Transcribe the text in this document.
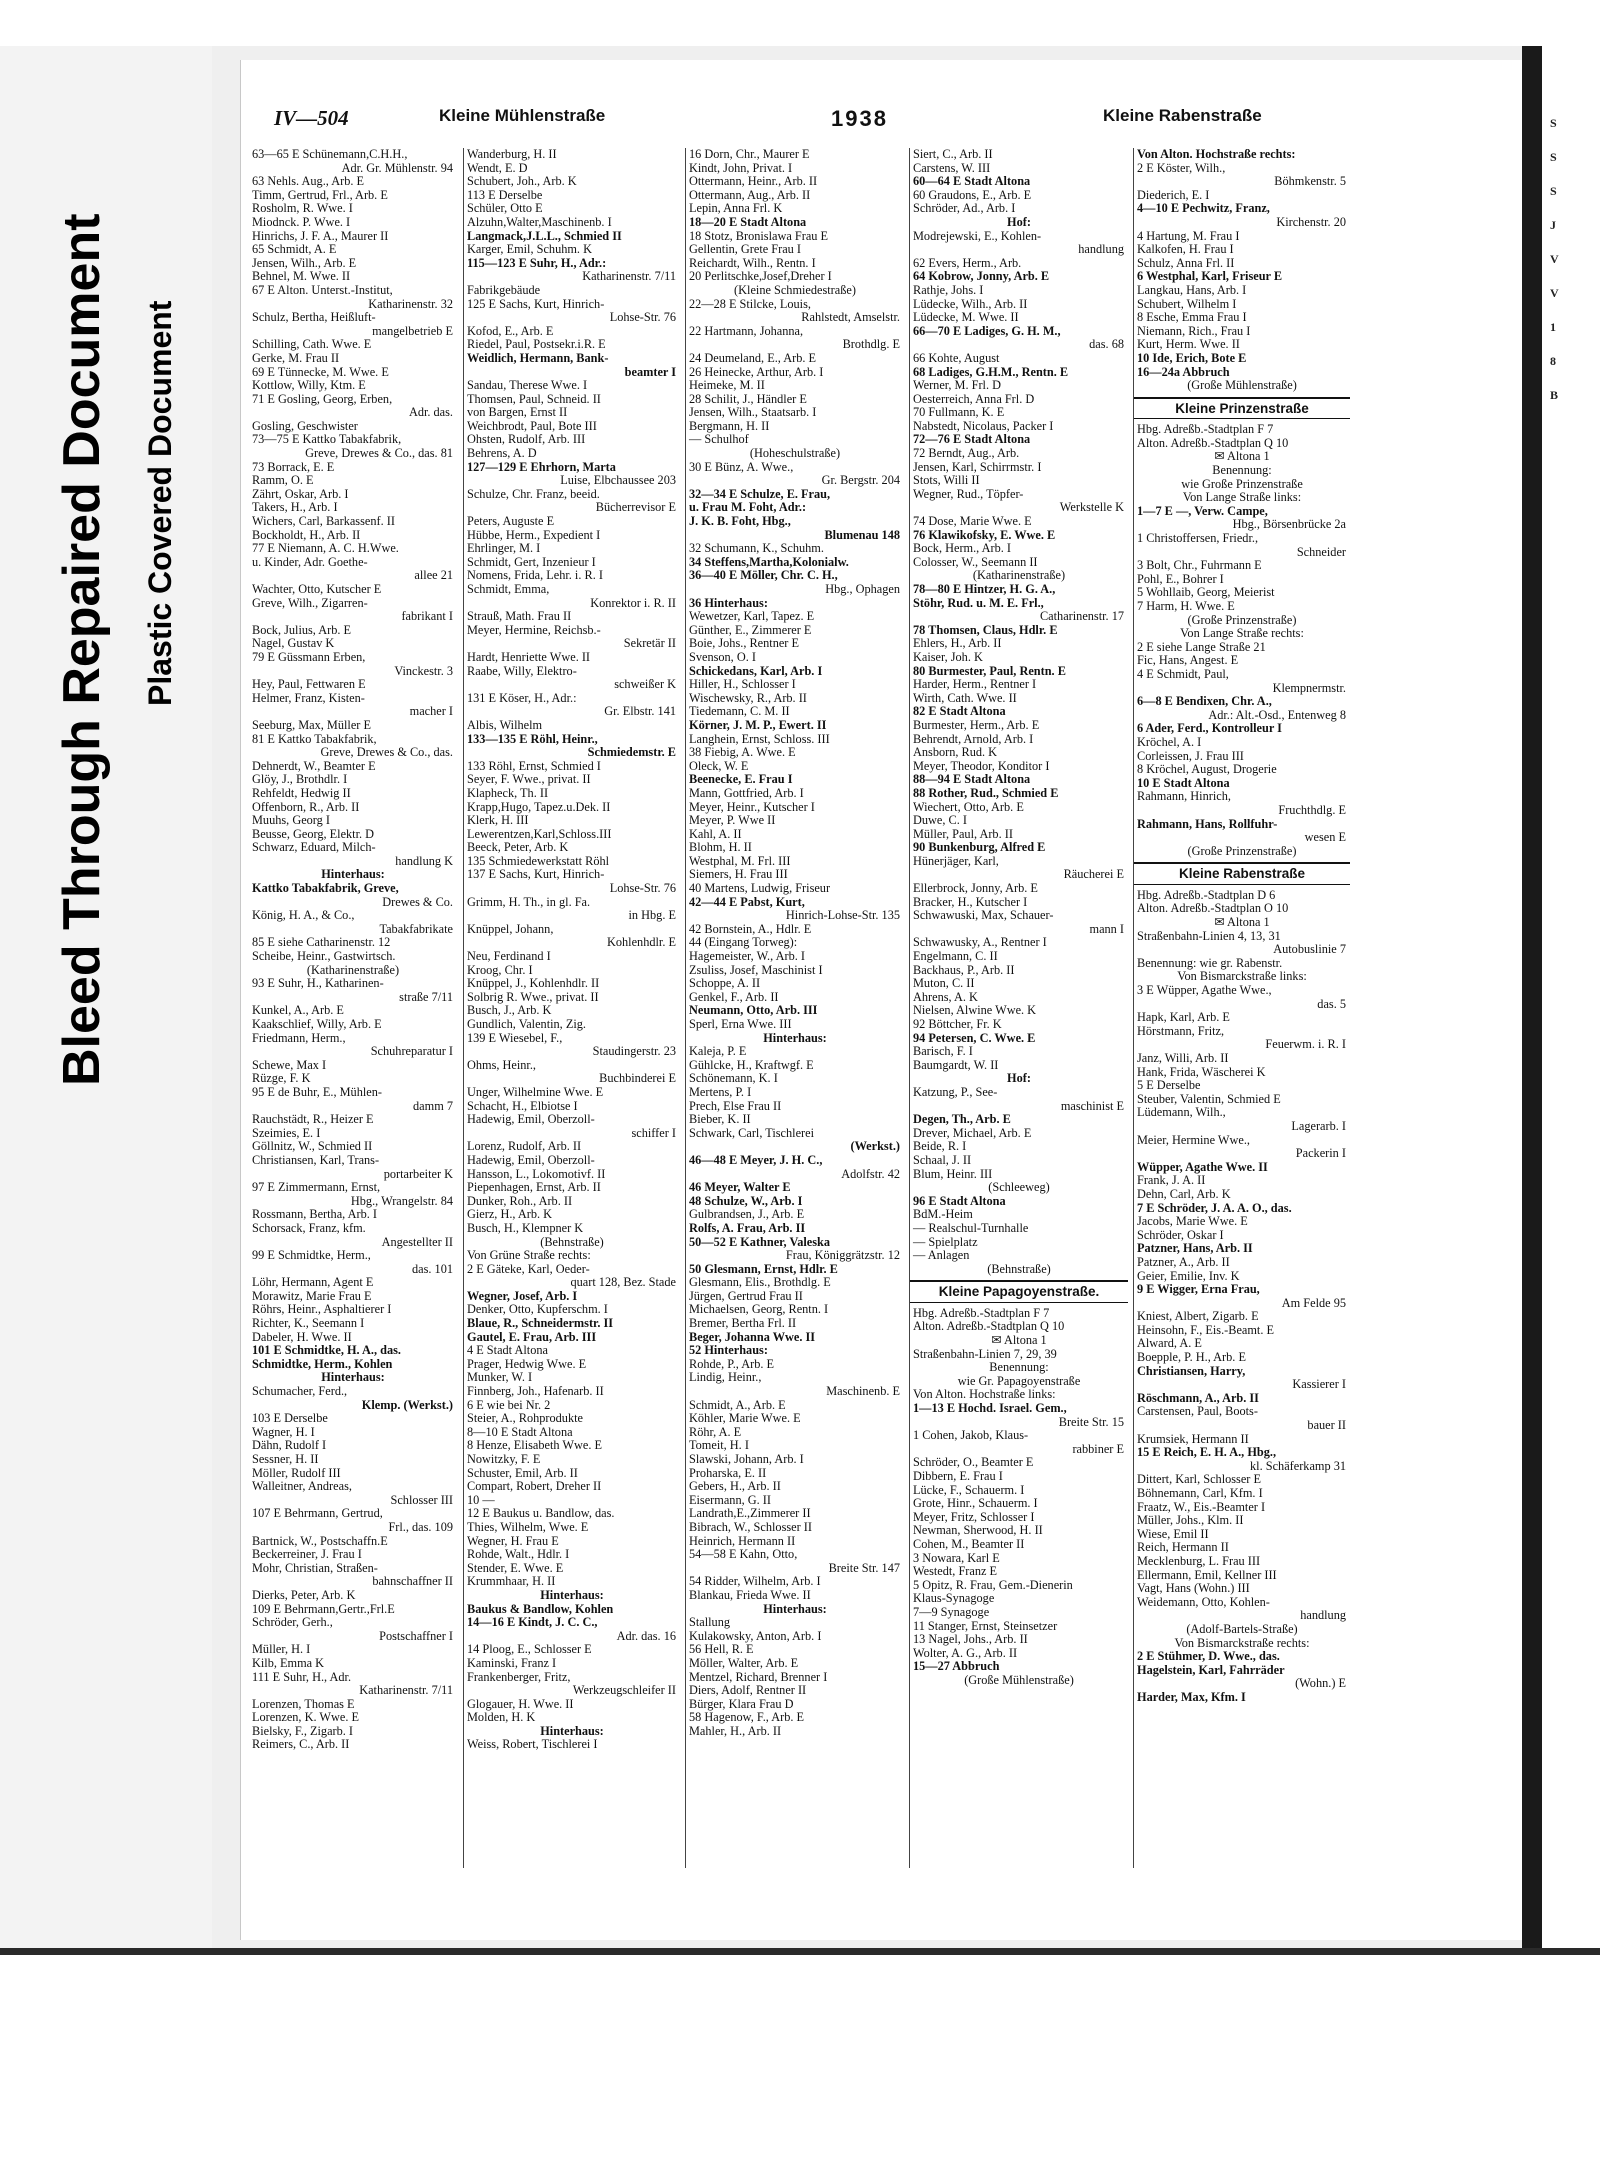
Bleed Through Repaired Document Plastic Covered Document
IV—504	Kleine Mühlenstraße	1938	Kleine Rabenstraße
63—65 E Schünemann,C.H.H.,
Adr. Gr. Mühlenstr. 94
63 Nehls. Aug., Arb. E
Timm, Gertrud, Frl., Arb. E
Rosholm, R. Wwe. I
Miodnck. P. Wwe. I
Hinrichs, J. F. A., Maurer II
65 Schmidt, A. E
Jensen, Wilh., Arb. E
Behnel, M. Wwe. II
67 E Alton. Unterst.-Institut,
Katharinenstr. 32
Schulz, Bertha, Heißluft-
mangelbetrieb E
Schilling, Cath. Wwe. E
Gerke, M. Frau II
69 E Tünnecke, M. Wwe. E
Kottlow, Willy, Ktm. E
71 E Gosling, Georg, Erben,
Adr. das.
Gosling, Geschwister
73—75 E Kattko Tabakfabrik,
Greve, Drewes & Co., das. 81
73 Borrack, E. E
Ramm, O. E
Zährt, Oskar, Arb. I
Takers, H., Arb. I
Wichers, Carl, Barkassenf. II
Bockholdt, H., Arb. II
77 E Niemann, A. C. H.Wwe.
u. Kinder, Adr. Goethe-
allee 21
Wachter, Otto, Kutscher E
Greve, Wilh., Zigarren-
fabrikant I
Bock, Julius, Arb. E
Nagel, Gustav K
79 E Güssmann Erben,
Vinckestr. 3
Hey, Paul, Fettwaren E
Helmer, Franz, Kisten-
macher I
Seeburg, Max, Müller E
81 E Kattko Tabakfabrik,
Greve, Drewes & Co., das.
Dehnerdt, W., Beamter E
Glöy, J., Brothdlr. I
Rehfeldt, Hedwig II
Offenborn, R., Arb. II
Muuhs, Georg I
Beusse, Georg, Elektr. D
Schwarz, Eduard, Milch-
handlung K
Hinterhaus:
Kattko Tabakfabrik, Greve,
Drewes & Co.
König, H. A., & Co.,
Tabakfabrikate
85 E siehe Catharinenstr. 12
Scheibe, Heinr., Gastwirtsch.
(Katharinenstraße)
93 E Suhr, H., Katharinen-
straße 7/11
Kunkel, A., Arb. E
Kaakschlief, Willy, Arb. E
Friedmann, Herm.,
Schuhreparatur I
Schewe, Max I
Rüzge, F. K
95 E de Buhr, E., Mühlen-
damm 7
Rauchstädt, R., Heizer E
Szeimies, E. I
Göllnitz, W., Schmied II
Christiansen, Karl, Trans-
portarbeiter K
97 E Zimmermann, Ernst,
Hbg., Wrangelstr. 84
Rossmann, Bertha, Arb. I
Schorsack, Franz, kfm.
Angestellter II
99 E Schmidtke, Herm.,
das. 101
Löhr, Hermann, Agent E
Morawitz, Marie Frau E
Röhrs, Heinr., Asphaltierer I
Richter, K., Seemann I
Dabeler, H. Wwe. II
101 E Schmidtke, H. A., das.
Schmidtke, Herm., Kohlen
Hinterhaus:
Schumacher, Ferd.,
Klemp. (Werkst.)
103 E Derselbe
Wagner, H. I
Dähn, Rudolf I
Sessner, H. II
Möller, Rudolf III
Walleitner, Andreas,
Schlosser III
107 E Behrmann, Gertrud,
Frl., das. 109
Bartnick, W., Postschaffn.E
Beckerreiner, J. Frau I
Mohr, Christian, Straßen-
bahnschaffner II
Dierks, Peter, Arb. K
109 E Behrmann,Gertr.,Frl.E
Schröder, Gerh.,
Postschaffner I
Müller, H. I
Kilb, Emma K
111 E Suhr, H., Adr.
Katharinenstr. 7/11
Lorenzen, Thomas E
Lorenzen, K. Wwe. E
Bielsky, F., Zigarb. I
Reimers, C., Arb. II
Wanderburg, H. II
Wendt, E. D
Schubert, Joh., Arb. K
113 E Derselbe
Schüler, Otto E
Alzuhn,Walter,Maschinenb. I
Langmack,J.L.L., Schmied II
Karger, Emil, Schuhm. K
115—123 E Suhr, H., Adr.:
Katharinenstr. 7/11
Fabrikgebäude
125 E Sachs, Kurt, Hinrich-
Lohse-Str. 76
Kofod, E., Arb. E
Riedel, Paul, Postsekr.i.R. E
Weidlich, Hermann, Bank-
beamter I
Sandau, Therese Wwe. I
Thomsen, Paul, Schneid. II
von Bargen, Ernst II
Weichbrodt, Paul, Bote III
Ohsten, Rudolf, Arb. III
Behrens, A. D
127—129 E Ehrhorn, Marta
Luise, Elbchaussee 203
Schulze, Chr. Franz, beeid.
Bücherrevisor E
Peters, Auguste E
Hübbe, Herm., Expedient I
Ehrlinger, M. I
Schmidt, Gert, Inzenieur I
Nomens, Frida, Lehr. i. R. I
Schmidt, Emma,
Konrektor i. R. II
Strauß, Math. Frau II
Meyer, Hermine, Reichsb.-
Sekretär II
Hardt, Henriette Wwe. II
Raabe, Willy, Elektro-
schweißer K
131 E Köser, H., Adr.:
Gr. Elbstr. 141
Albis, Wilhelm
133—135 E Röhl, Heinr.,
Schmiedemstr. E
133 Röhl, Ernst, Schmied I
Seyer, F. Wwe., privat. II
Klapheck, Th. II
Krapp,Hugo, Tapez.u.Dek. II
Klerk, H. III
Lewerentzen,Karl,Schloss.III
Beeck, Peter, Arb. K
135 Schmiedewerkstatt Röhl
137 E Sachs, Kurt, Hinrich-
Lohse-Str. 76
Grimm, H. Th., in gl. Fa.
in Hbg. E
Knüppel, Johann,
Kohlenhdlr. E
Neu, Ferdinand I
Kroog, Chr. I
Knüppel, J., Kohlenhdlr. II
Solbrig R. Wwe., privat. II
Busch, J., Arb. K
Gundlich, Valentin, Zig.
139 E Wiesebel, F.,
Staudingerstr. 23
Ohms, Heinr.,
Buchbinderei E
Unger, Wilhelmine Wwe. E
Schacht, H., Elbiotse I
Hadewig, Emil, Oberzoll-
schiffer I
Lorenz, Rudolf, Arb. II
Hadewig, Emil, Oberzoll-
Hansson, L., Lokomotivf. II
Piepenhagen, Ernst, Arb. II
Dunker, Roh., Arb. II
Gierz, H., Arb. K
Busch, H., Klempner K
(Behnstraße)
Von Grüne Straße rechts:
2 E Gäteke, Karl, Oeder-
quart 128, Bez. Stade
Wegner, Josef, Arb. I
Denker, Otto, Kupferschm. I
Blaue, R., Schneidermstr. II
Gautel, E. Frau, Arb. III
4 E Stadt Altona
Prager, Hedwig Wwe. E
Munker, W. I
Finnberg, Joh., Hafenarb. II
6 E wie bei Nr. 2
Steier, A., Rohprodukte
8—10 E Stadt Altona
8 Henze, Elisabeth Wwe. E
Nowitzky, F. E
Schuster, Emil, Arb. II
Compart, Robert, Dreher II
10 —
12 E Baukus u. Bandlow, das.
Thies, Wilhelm, Wwe. E
Wegner, H. Frau E
Rohde, Walt., Hdlr. I
Stender, E. Wwe. E
Krummhaar, H. II
Hinterhaus:
Baukus & Bandlow, Kohlen
14—16 E Kindt, J. C. C.,
Adr. das. 16
14 Ploog, E., Schlosser E
Kaminski, Franz I
Frankenberger, Fritz,
Werkzeugschleifer II
Glogauer, H. Wwe. II
Molden, H. K
Hinterhaus:
Weiss, Robert, Tischlerei I
16 Dorn, Chr., Maurer E
Kindt, John, Privat. I
Ottermann, Heinr., Arb. II
Ottermann, Aug., Arb. II
Lepin, Anna Frl. K
18—20 E Stadt Altona
18 Stotz, Bronislawa Frau E
Gellentin, Grete Frau I
Reichardt, Wilh., Rentn. I
20 Perlitschke,Josef,Dreher I
(Kleine Schmiedestraße)
22—28 E Stilcke, Louis,
Rahlstedt, Amselstr.
22 Hartmann, Johanna,
Brothdlg. E
24 Deumeland, E., Arb. E
26 Heinecke, Arthur, Arb. I
Heimeke, M. II
28 Schilit, J., Händler E
Jensen, Wilh., Staatsarb. I
Bergmann, H. II
— Schulhof
(Hoheschulstraße)
30 E Bünz, A. Wwe.,
Gr. Bergstr. 204
32—34 E Schulze, E. Frau,
u. Frau M. Foht, Adr.:
J. K. B. Foht, Hbg.,
Blumenau 148
32 Schumann, K., Schuhm.
34 Steffens,Martha,Kolonialw.
36—40 E Möller, Chr. C. H.,
Hbg., Ophagen
36 Hinterhaus:
Wewetzer, Karl, Tapez. E
Günther, E., Zimmerer E
Boie, Johs., Rentner E
Svenson, O. I
Schickedans, Karl, Arb. I
Hiller, H., Schlosser I
Wischewsky, R., Arb. II
Tiedemann, C. M. II
Körner, J. M. P., Ewert. II
Langhein, Ernst, Schloss. III
38 Fiebig, A. Wwe. E
Oleck, W. E
Beenecke, E. Frau I
Mann, Gottfried, Arb. I
Meyer, Heinr., Kutscher I
Meyer, P. Wwe II
Kahl, A. II
Blohm, H. II
Westphal, M. Frl. III
Siemers, H. Frau III
40 Martens, Ludwig, Friseur
42—44 E Pabst, Kurt,
Hinrich-Lohse-Str. 135
42 Bornstein, A., Hdlr. E
44 (Eingang Torweg):
Hagemeister, W., Arb. I
Zsuliss, Josef, Maschinist I
Schoppe, A. II
Genkel, F., Arb. II
Neumann, Otto, Arb. III
Sperl, Erna Wwe. III
Hinterhaus:
Kaleja, P. E
Gühlcke, H., Kraftwgf. E
Schönemann, K. I
Mertens, P. I
Prech, Else Frau II
Bieber, K. II
Schwark, Carl, Tischlerei
(Werkst.)
46—48 E Meyer, J. H. C.,
Adolfstr. 42
46 Meyer, Walter E
48 Schulze, W., Arb. I
Gulbrandsen, J., Arb. E
Rolfs, A. Frau, Arb. II
50—52 E Kathner, Valeska
Frau, Königgrätzstr. 12
50 Glesmann, Ernst, Hdlr. E
Glesmann, Elis., Brothdlg. E
Jürgen, Gertrud Frau II
Michaelsen, Georg, Rentn. I
Bremer, Bertha Frl. II
Beger, Johanna Wwe. II
52 Hinterhaus:
Rohde, P., Arb. E
Lindig, Heinr.,
Maschinenb. E
Schmidt, A., Arb. E
Köhler, Marie Wwe. E
Röhr, A. E
Tomeit, H. I
Slawski, Johann, Arb. I
Proharska, E. II
Gebers, H., Arb. II
Eisermann, G. II
Landrath,E.,Zimmerer II
Bibrach, W., Schlosser II
Heinrich, Hermann II
54—58 E Kahn, Otto,
Breite Str. 147
54 Ridder, Wilhelm, Arb. I
Blankau, Frieda Wwe. II
Hinterhaus:
Stallung
Kulakowsky, Anton, Arb. I
56 Hell, R. E
Möller, Walter, Arb. E
Mentzel, Richard, Brenner I
Diers, Adolf, Rentner II
Bürger, Klara Frau D
58 Hagenow, F., Arb. E
Mahler, H., Arb. II
Siert, C., Arb. II
Carstens, W. III
60—64 E Stadt Altona
60 Graudons, E., Arb. E
Schröder, Ad., Arb. I
Hof:
Modrejewski, E., Kohlen-
handlung
62 Evers, Herm., Arb.
64 Kobrow, Jonny, Arb. E
Rathje, Johs. I
Lüdecke, Wilh., Arb. II
Lüdecke, M. Wwe. II
66—70 E Ladiges, G. H. M.,
das. 68
66 Kohte, August
68 Ladiges, G.H.M., Rentn. E
Werner, M. Frl. D
Oesterreich, Anna Frl. D
70 Fullmann, K. E
Nabstedt, Nicolaus, Packer I
72—76 E Stadt Altona
72 Berndt, Aug., Arb.
Jensen, Karl, Schirrmstr. I
Stots, Willi II
Wegner, Rud., Töpfer-
Werkstelle K
74 Dose, Marie Wwe. E
76 Klawikofsky, E. Wwe. E
Bock, Herm., Arb. I
Colosser, W., Seemann II
(Katharinenstraße)
78—80 E Hintzer, H. G. A.,
Stöhr, Rud. u. M. E. Frl.,
Catharinenstr. 17
78 Thomsen, Claus, Hdlr. E
Ehlers, H., Arb. II
Kaiser, Joh. K
80 Burmester, Paul, Rentn. E
Harder, Herm., Rentner I
Wirth, Cath. Wwe. II
82 E Stadt Altona
Burmester, Herm., Arb. E
Behrendt, Arnold, Arb. I
Ansborn, Rud. K
Meyer, Theodor, Konditor I
88—94 E Stadt Altona
88 Rother, Rud., Schmied E
Wiechert, Otto, Arb. E
Duwe, C. I
Müller, Paul, Arb. II
90 Bunkenburg, Alfred E
Hünerjäger, Karl,
Räucherei E
Ellerbrock, Jonny, Arb. E
Bracker, H., Kutscher I
Schwawuski, Max, Schauer-
mann I
Schwawusky, A., Rentner I
Engelmann, C. II
Backhaus, P., Arb. II
Muton, C. II
Ahrens, A. K
Nielsen, Alwine Wwe. K
92 Böttcher, Fr. K
94 Petersen, C. Wwe. E
Barisch, F. I
Baumgardt, W. II
Hof:
Katzung, P., See-
maschinist E
Degen, Th., Arb. E
Drever, Michael, Arb. E
Beide, R. I
Schaal, J. II
Blum, Heinr. III
(Schleeweg)
96 E Stadt Altona
BdM.-Heim
— Realschul-Turnhalle
— Spielplatz
— Anlagen
(Behnstraße)
Kleine Papagoyenstraße.
Hbg. Adreßb.-Stadtplan F 7
Alton. Adreßb.-Stadtplan Q 10
✉ Altona 1
Straßenbahn-Linien 7, 29, 39
Benennung:
wie Gr. Papagoyenstraße
Von Alton. Hochstraße links:
1—13 E Hochd. Israel. Gem.,
Breite Str. 15
1 Cohen, Jakob, Klaus-
rabbiner E
Schröder, O., Beamter E
Dibbern, E. Frau I
Lücke, F., Schauerm. I
Grote, Hinr., Schauerm. I
Meyer, Fritz, Schlosser I
Newman, Sherwood, H. II
Cohen, M., Beamter II
3 Nowara, Karl E
Westedt, Franz E
5 Opitz, R. Frau, Gem.-Dienerin
Klaus-Synagoge
7—9 Synagoge
11 Stanger, Ernst, Steinsetzer
13 Nagel, Johs., Arb. II
Wolter, A. G., Arb. II
15—27 Abbruch
(Große Mühlenstraße)
Von Alton. Hochstraße rechts:
2 E Köster, Wilh.,
Böhmkenstr. 5
Diederich, E. I
4—10 E Pechwitz, Franz,
Kirchenstr. 20
4 Hartung, M. Frau I
Kalkofen, H. Frau I
Schulz, Anna Frl. II
6 Westphal, Karl, Friseur E
Langkau, Hans, Arb. I
Schubert, Wilhelm I
8 Esche, Emma Frau I
Niemann, Rich., Frau I
Kurt, Herm. Wwe. II
10 Ide, Erich, Bote E
16—24a Abbruch
(Große Mühlenstraße)
Kleine Prinzenstraße
Hbg. Adreßb.-Stadtplan F 7
Alton. Adreßb.-Stadtplan Q 10
✉ Altona 1
Benennung:
wie Große Prinzenstraße
Von Lange Straße links:
1—7 E —, Verw. Campe,
Hbg., Börsenbrücke 2a
1 Christoffersen, Friedr.,
Schneider
3 Bolt, Chr., Fuhrmann E
Pohl, E., Bohrer I
5 Wohllaib, Georg, Meierist
7 Harm, H. Wwe. E
(Große Prinzenstraße)
Von Lange Straße rechts:
2 E siehe Lange Straße 21
Fic, Hans, Angest. E
4 E Schmidt, Paul,
Klempnermstr.
6—8 E Bendixen, Chr. A.,
Adr.: Alt.-Osd., Entenweg 8
6 Ader, Ferd., Kontrolleur I
Kröchel, A. I
Corleissen, J. Frau III
8 Kröchel, August, Drogerie
10 E Stadt Altona
Rahmann, Hinrich,
Fruchthdlg. E
Rahmann, Hans, Rollfuhr-
wesen E
(Große Prinzenstraße)
Kleine Rabenstraße
Hbg. Adreßb.-Stadtplan D 6
Alton. Adreßb.-Stadtplan O 10
✉ Altona 1
Straßenbahn-Linien 4, 13, 31
Autobuslinie 7
Benennung: wie gr. Rabenstr.
Von Bismarckstraße links:
3 E Wüpper, Agathe Wwe.,
das. 5
Hapk, Karl, Arb. E
Hörstmann, Fritz,
Feuerwm. i. R. I
Janz, Willi, Arb. II
Hank, Frida, Wäscherei K
5 E Derselbe
Steuber, Valentin, Schmied E
Lüdemann, Wilh.,
Lagerarb. I
Meier, Hermine Wwe.,
Packerin I
Wüpper, Agathe Wwe. II
Frank, J. A. II
Dehn, Carl, Arb. K
7 E Schröder, J. A. A. O., das.
Jacobs, Marie Wwe. E
Schröder, Oskar I
Patzner, Hans, Arb. II
Patzner, A., Arb. II
Geier, Emilie, Inv. K
9 E Wigger, Erna Frau,
Am Felde 95
Kniest, Albert, Zigarb. E
Heinsohn, F., Eis.-Beamt. E
Alward, A. E
Boepple, P. H., Arb. E
Christiansen, Harry,
Kassierer I
Röschmann, A., Arb. II
Carstensen, Paul, Boots-
bauer II
Krumsiek, Hermann II
15 E Reich, E. H. A., Hbg.,
kl. Schäferkamp 31
Dittert, Karl, Schlosser E
Böhnemann, Carl, Kfm. I
Fraatz, W., Eis.-Beamter I
Müller, Johs., Klm. II
Wiese, Emil II
Reich, Hermann II
Mecklenburg, L. Frau III
Ellermann, Emil, Kellner III
Vagt, Hans (Wohn.) III
Weidemann, Otto, Kohlen-
handlung
(Adolf-Bartels-Straße)
Von Bismarckstraße rechts:
2 E Stühmer, D. Wwe., das.
Hagelstein, Karl, Fahrräder
(Wohn.) E
Harder, Max, Kfm. I
S
S
S
J
V
V
1
8
B
